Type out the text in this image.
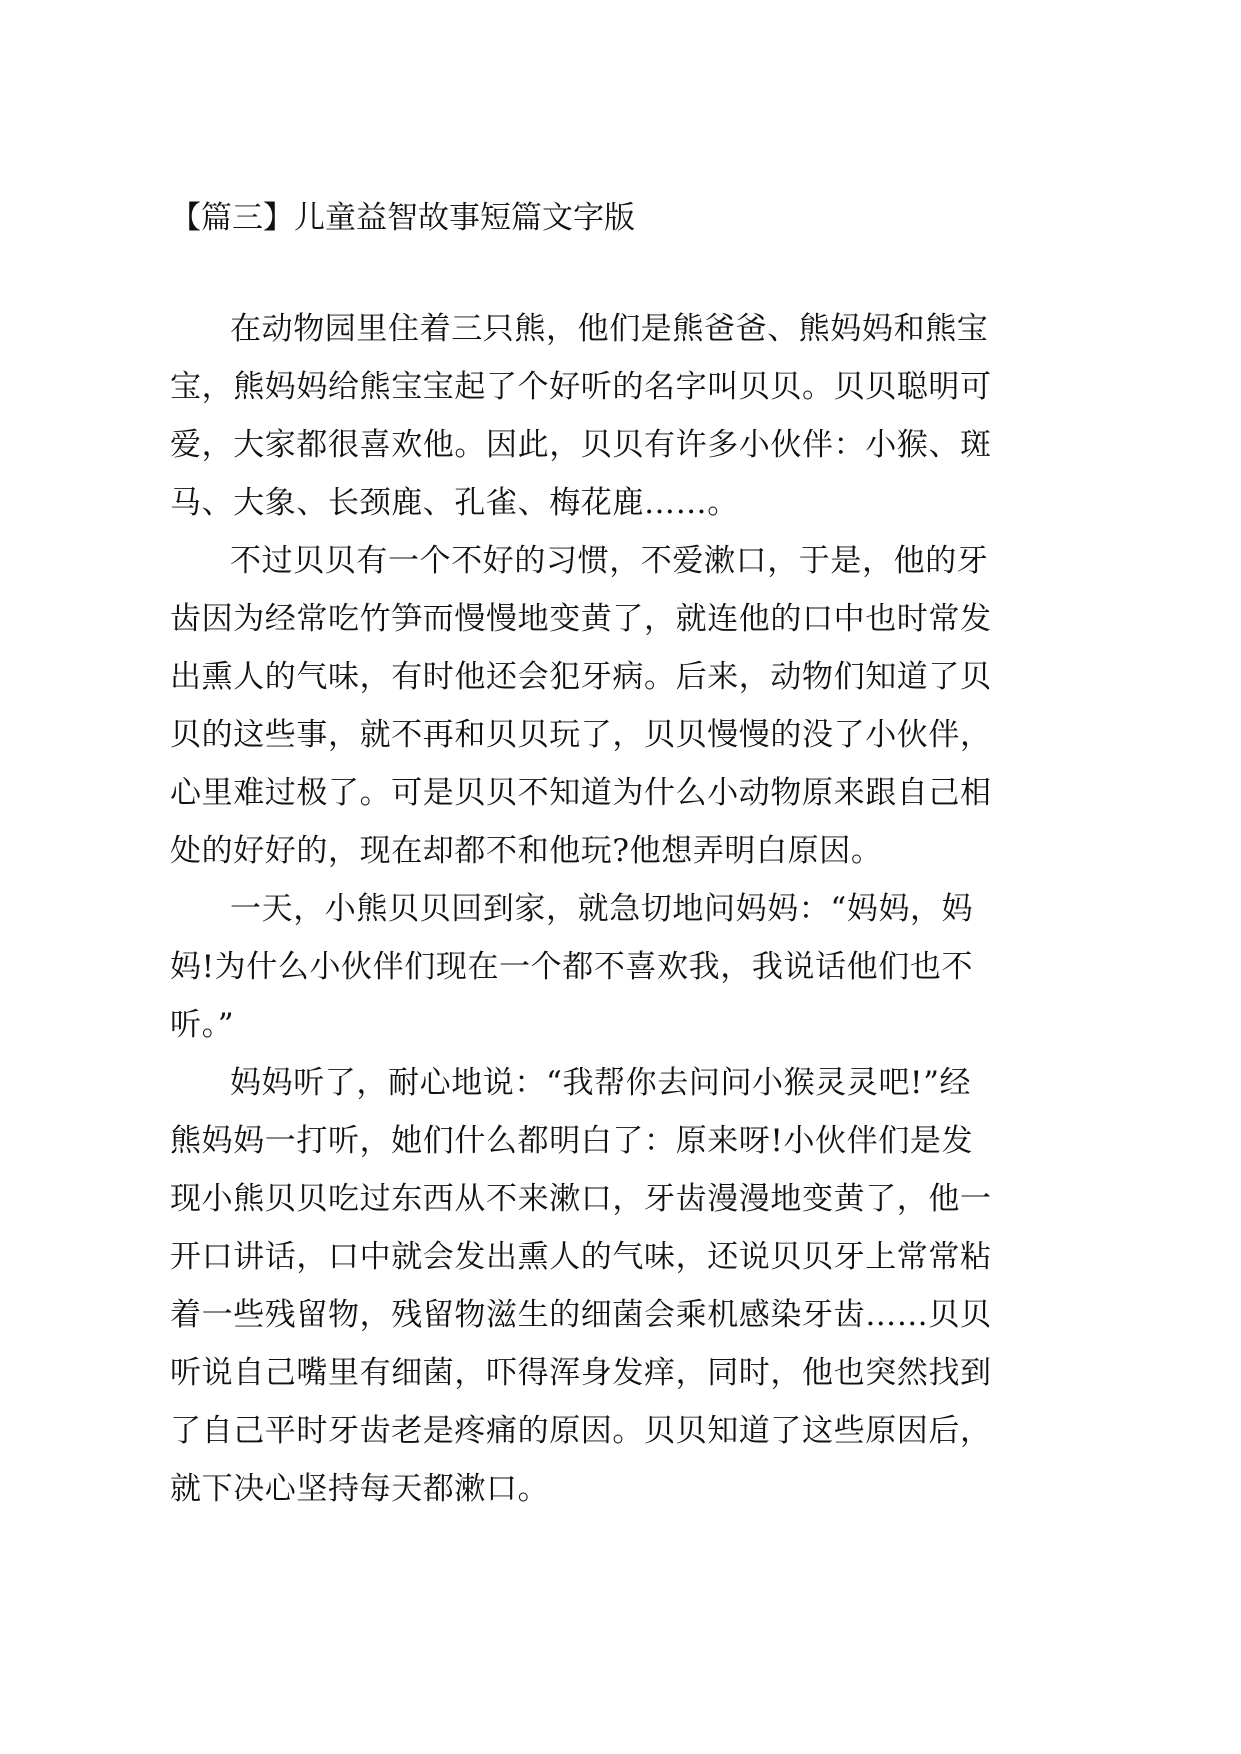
【篇三】儿童益智故事短篇文字版
在动物园里住着三只熊，他们是熊爸爸、熊妈妈和熊宝
宝，熊妈妈给熊宝宝起了个好听的名字叫贝贝。贝贝聪明可
爱，大家都很喜欢他。因此，贝贝有许多小伙伴：小猴、斑
马、大象、长颈鹿、孔雀、梅花鹿……。
不过贝贝有一个不好的习惯，不爱漱口，于是，他的牙
齿因为经常吃竹笋而慢慢地变黄了，就连他的口中也时常发
出熏人的气味，有时他还会犯牙病。后来，动物们知道了贝
贝的这些事，就不再和贝贝玩了，贝贝慢慢的没了小伙伴，
心里难过极了。可是贝贝不知道为什么小动物原来跟自己相
处的好好的，现在却都不和他玩?他想弄明白原因。
一天，小熊贝贝回到家，就急切地问妈妈：“妈妈，妈
妈!为什么小伙伴们现在一个都不喜欢我，我说话他们也不
听。”
妈妈听了，耐心地说：“我帮你去问问小猴灵灵吧!”经
熊妈妈一打听，她们什么都明白了：原来呀!小伙伴们是发
现小熊贝贝吃过东西从不来漱口，牙齿漫漫地变黄了，他一
开口讲话，口中就会发出熏人的气味，还说贝贝牙上常常粘
着一些残留物，残留物滋生的细菌会乘机感染牙齿……贝贝
听说自己嘴里有细菌，吓得浑身发痒，同时，他也突然找到
了自己平时牙齿老是疼痛的原因。贝贝知道了这些原因后，
就下决心坚持每天都漱口。
